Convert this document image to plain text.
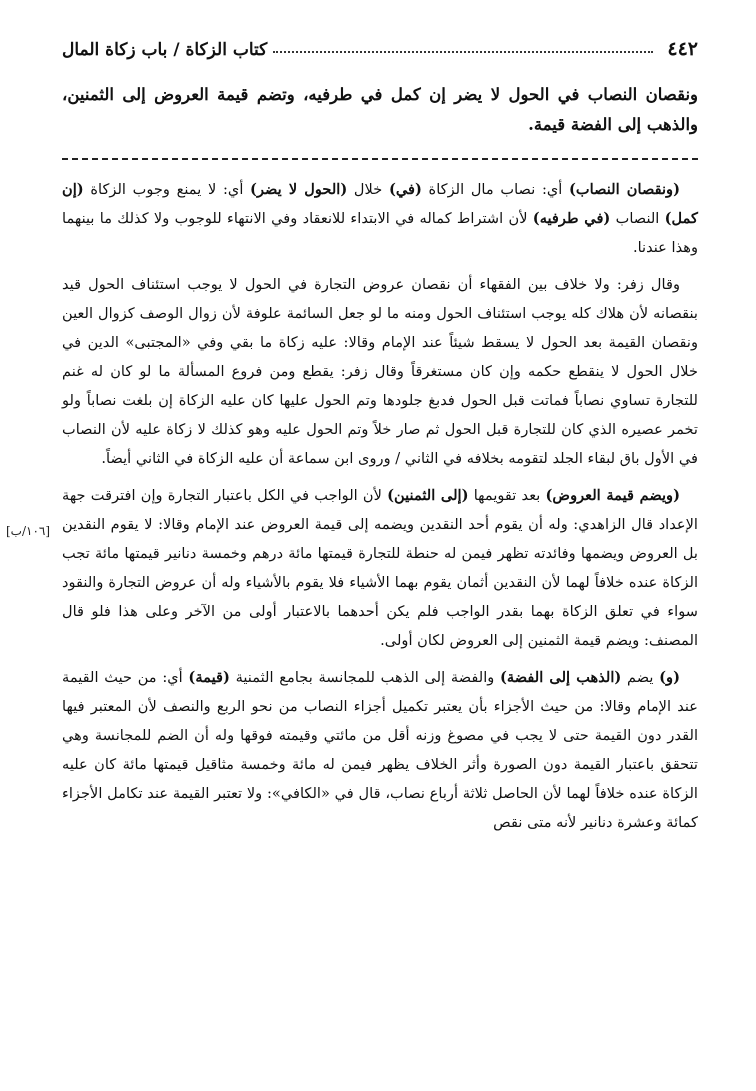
٤٤٢
كتاب الزكاة / باب زكاة المال
ونقصان النصاب في الحول لا يضر إن كمل في طرفيه، وتضم قيمة العروض إلى الثمنين، والذهب إلى الفضة قيمة.

(ونقصان النصاب) أي: نصاب مال الزكاة (في) خلال (الحول لا يضر) أي: لا يمنع وجوب الزكاة (إن كمل) النصاب (في طرفيه) لأن اشتراط كماله في الابتداء للانعقاد وفي الانتهاء للوجوب ولا كذلك ما بينهما وهذا عندنا.

وقال زفر: ولا خلاف بين الفقهاء أن نقصان عروض التجارة في الحول لا يوجب استئناف الحول قيد بنقصانه لأن هلاك كله يوجب استئناف الحول ومنه ما لو جعل السائمة علوفة لأن زوال الوصف كزوال العين ونقصان القيمة بعد الحول لا يسقط شيئاً عند الإمام وقالا: عليه زكاة ما بقي وفي «المجتبى» الدين في خلال الحول لا ينقطع حكمه وإن كان مستغرقاً وقال زفر: يقطع ومن فروع المسألة ما لو كان له غنم للتجارة تساوي نصاباً فماتت قبل الحول فدبغ جلودها وتم الحول عليها كان عليه الزكاة إن بلغت نصاباً ولو تخمر عصيره الذي كان للتجارة قبل الحول ثم صار خلاً وتم الحول عليه وهو كذلك لا زكاة عليه لأن النصاب في الأول باق لبقاء الجلد لتقومه بخلافه في الثاني / وروى ابن سماعة أن عليه الزكاة في الثاني أيضاً.

(ويضم قيمة العروض) بعد تقويمها (إلى الثمنين) لأن الواجب في الكل باعتبار التجارة وإن افترقت جهة الإعداد قال الزاهدي: وله أن يقوم أحد النقدين ويضمه إلى قيمة العروض عند الإمام وقالا: لا يقوم النقدين بل العروض ويضمها وفائدته تظهر فيمن له حنطة للتجارة قيمتها مائة درهم وخمسة دنانير قيمتها مائة تجب الزكاة عنده خلافاً لهما لأن النقدين أثمان يقوم بهما الأشياء فلا يقوم بالأشياء وله أن عروض التجارة والنقود سواء في تعلق الزكاة بهما بقدر الواجب فلم يكن أحدهما بالاعتبار أولى من الآخر وعلى هذا فلو قال المصنف: ويضم قيمة الثمنين إلى العروض لكان أولى.

(و) يضم (الذهب إلى الفضة) والفضة إلى الذهب للمجانسة بجامع الثمنية (قيمة) أي: من حيث القيمة عند الإمام وقالا: من حيث الأجزاء بأن يعتبر تكميل أجزاء النصاب من نحو الربع والنصف لأن المعتبر فيها القدر دون القيمة حتى لا يجب في مصوغ وزنه أقل من مائتي وقيمته فوقها وله أن الضم للمجانسة وهي تتحقق باعتبار القيمة دون الصورة وأثر الخلاف يظهر فيمن له مائة وخمسة مثاقيل قيمتها مائة كان عليه الزكاة عنده خلافاً لهما لأن الحاصل ثلاثة أرباع نصاب، قال في «الكافي»: ولا تعتبر القيمة عند تكامل الأجزاء كمائة وعشرة دنانير لأنه متى نقص

[١٠٦/ب]
